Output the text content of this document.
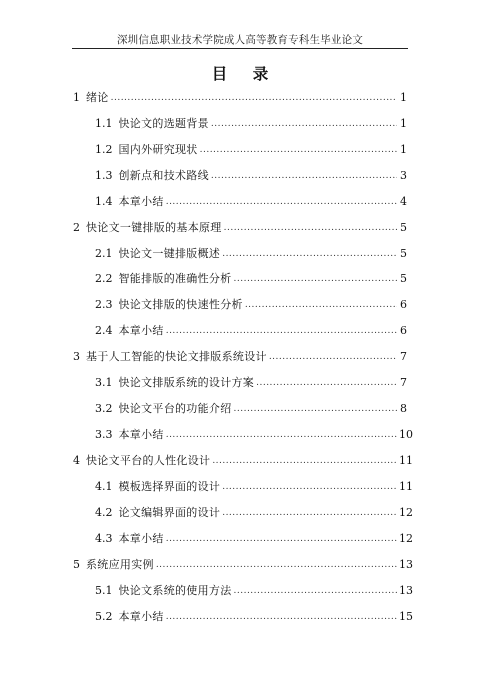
深圳信息职业技术学院成人高等教育专科生毕业论文
目 录
1 绪论 .....	1
1.1 快论文的选题背景 .....	1
1.2 国内外研究现状 .....	1
1.3 创新点和技术路线 .....	3
1.4 本章小结 .....	4
2 快论文一键排版的基本原理 .....	5
2.1 快论文一键排版概述 .....	5
2.2 智能排版的准确性分析 .....	5
2.3 快论文排版的快速性分析 .....	6
2.4 本章小结 .....	6
3 基于人工智能的快论文排版系统设计 .....	7
3.1 快论文排版系统的设计方案 .....	7
3.2 快论文平台的功能介绍 .....	8
3.3 本章小结 .....	10
4 快论文平台的人性化设计 .....	11
4.1 模板选择界面的设计 .....	11
4.2 论文编辑界面的设计 .....	12
4.3 本章小结 .....	12
5 系统应用实例 .....	13
5.1 快论文系统的使用方法 .....	13
5.2 本章小结 .....	15
